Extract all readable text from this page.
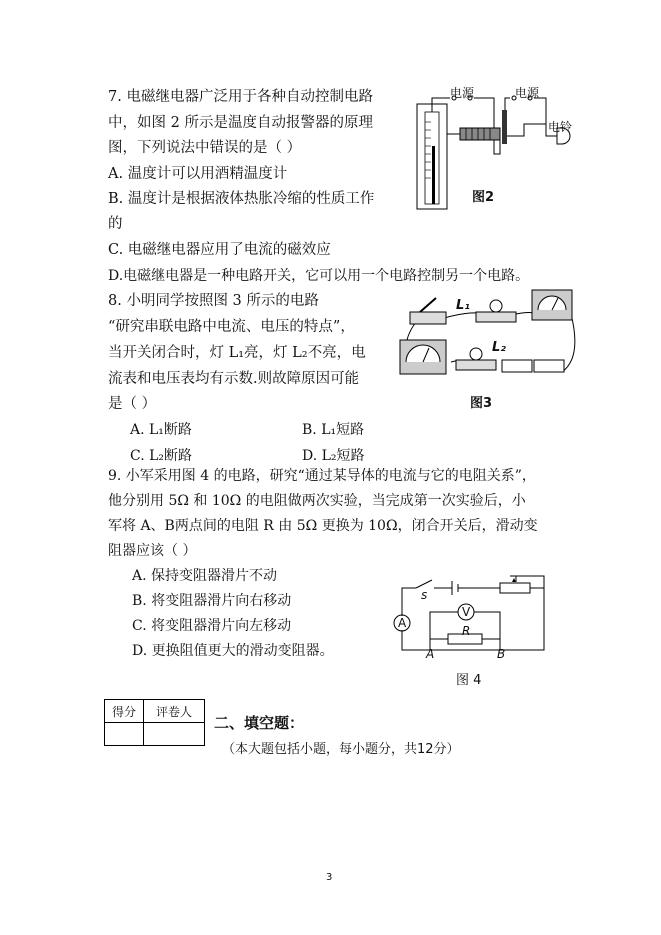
7. 电磁继电器广泛用于各种自动控制电路
中，如图 2 所示是温度自动报警器的原理
图，下列说法中错误的是（ ）
A. 温度计可以用酒精温度计
B. 温度计是根据液体热胀冷缩的性质工作
的
C. 电磁继电器应用了电流的磁效应
D.电磁继电器是一种电路开关，它可以用一个电路控制另一个电路。
电源	电源
电铃
图2
8. 小明同学按照图 3 所示的电路
“研究串联电路中电流、电压的特点”，
当开关闭合时，灯 L₁亮，灯 L₂不亮，电
流表和电压表均有示数.则故障原因可能
是（ ）
A. L₁断路	B. L₁短路
C. L₂断路	D. L₂短路
L₁
L₂
图3
9. 小军采用图 4 的电路，研究“通过某导体的电流与它的电阻关系”，
他分别用 5Ω 和 10Ω 的电阻做两次实验，当完成第一次实验后，小
军将 A、B两点间的电阻 R 由 5Ω 更换为 10Ω，闭合开关后，滑动变
阻器应该（ ）
A. 保持变阻器滑片不动
B. 将变阻器滑片向右移动
C. 将变阻器滑片向左移动
D. 更换阻值更大的滑动变阻器。
s
A
V
R
A	B
图 4
得分	评卷人

二、填空题：
（本大题包括小题，每小题分，共12分）
3
